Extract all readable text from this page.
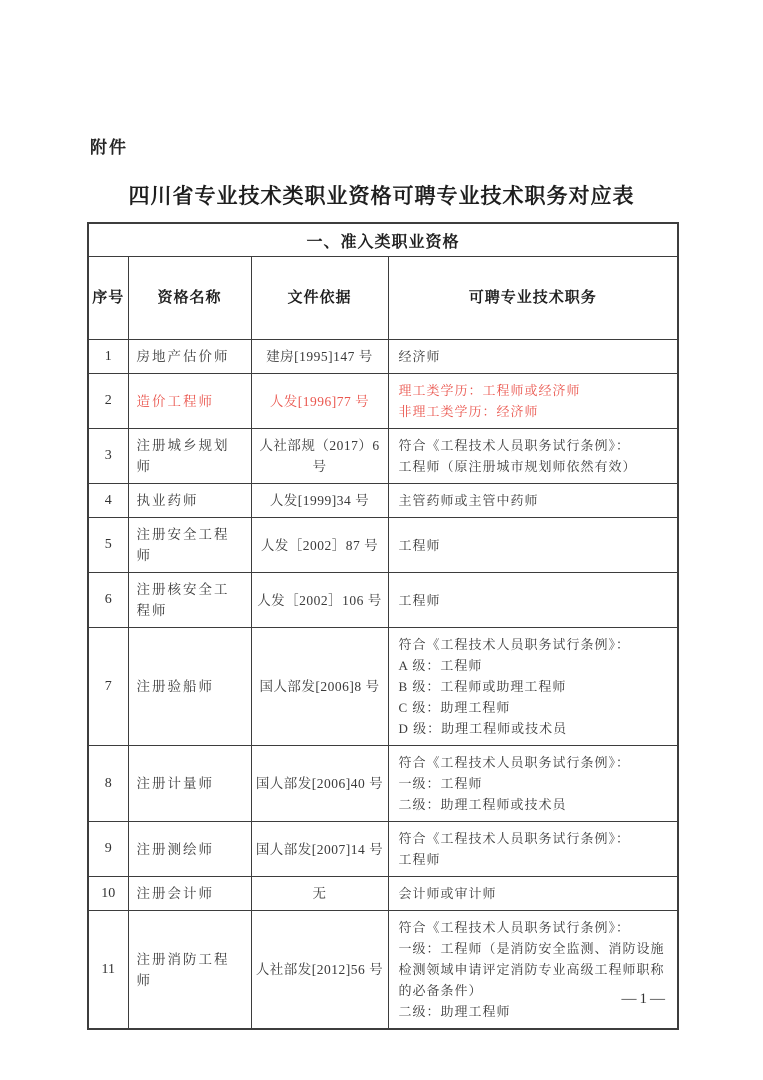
附件
四川省专业技术类职业资格可聘专业技术职务对应表
一、准入类职业资格			
序号	资格名称	文件依据	可聘专业技术职务
1	房地产估价师	建房[1995]147 号	经济师

2	造价工程师	人发[1996]77 号	理工类学历：工程师或经济师
非理工类学历：经济师

3	注册城乡规划师	人社部规（2017）6 号	符合《工程技术人员职务试行条例》：
工程师（原注册城市规划师依然有效）

4	执业药师	人发[1999]34 号	主管药师或主管中药师

5	注册安全工程师	人发［2002］87 号	工程师

6	注册核安全工程师	人发［2002］106 号	工程师

7	注册验船师	国人部发[2006]8 号	符合《工程技术人员职务试行条例》：
A 级：工程师
B 级：工程师或助理工程师
C 级：助理工程师
D 级：助理工程师或技术员

8	注册计量师	国人部发[2006]40 号	符合《工程技术人员职务试行条例》：
一级：工程师
二级：助理工程师或技术员

9	注册测绘师	国人部发[2007]14 号	符合《工程技术人员职务试行条例》：
工程师

10	注册会计师	无	会计师或审计师

11	注册消防工程师	人社部发[2012]56 号	符合《工程技术人员职务试行条例》：
一级：工程师（是消防安全监测、消防设施检测领域申请评定消防专业高级工程师职称的必备条件）
二级：助理工程师
—1—
